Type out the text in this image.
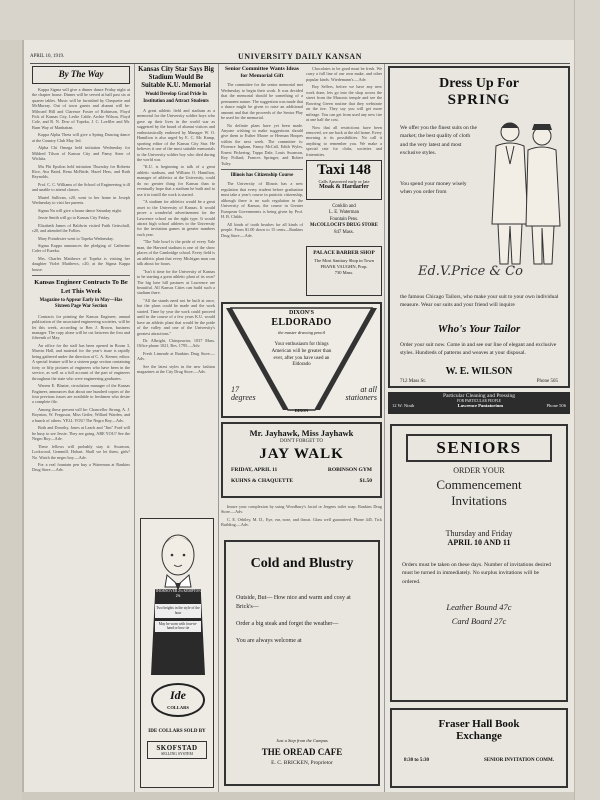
APRIL 10, 1919.	UNIVERSITY DAILY KANSAN
By The Way
Kappa Sigma will give a dinner dance Friday night at the chapter house. Dinner will be served at half past six at quarter tables. Music will be furnished by Chequette and McMurray. Out of town guests and alumni will be: Milward Hill and Clarence Foster of Robinson, Floyd Fick of Kansas City, Leslie Cable, Archie Wilson, Floyd Cole, and R. N. Dow of Topeka, J. C. Loeffler and Mr. Burn Way of Manhattan.
Kappa Alpha Theta will give a Spring Dancing dance at the Country Club May 3rd.
Alpha Chi Omega held initiation Wednesday for Mildred Tilson of Kansas City and Pansy Sizer of Wichita.
Mu Phi Epsilon held initiation Thursday for Roberta Rice, Ava Baird, Rena McBride, Hazel Hess, and Ruth Reynolds.
Prof. C. C. Williams of the School of Engineering is ill and unable to attend classes.
Muriel Sullivan, c20, went to her home in Joseph Wednesday to visit her parents.
Sigma Nu will give a house dance Saturday night.
Jessie Smith will go to Kansas City Friday.
Elizabeth James of Baldwin visited Faith Gettschall, c20, and attended the Follies.
Mary Poindexter went to Topeka Wednesday.
Sigma Kappa announces the pledging of Catherine Coler of Eureka.
Mrs. Charles Matthews of Topeka is visiting her daughter Violet Matthews, c20, at the Sigma Kappa house.
Kansas Engineer Contracts To Be Let This Week
Magazine to Appear Early in May—Has Sixteen Page War Section
Contracts for printing the Kansas Engineer, annual publication of the associated engineering societies, will be let this week, according to Ben J. Brown, business manager. The copy alone will be cut between the first and fifteenth of May.
An office for the staff has been opened in Room 3, Marvin Hall, and material for the year's issue is rapidly being gathered under the direction of C. A. Keener, editor. A special feature will be a sixteen page section containing forty or fifty pictures of engineers who have been in the service, as well as a full account of the part of engineers throughout the state who were engineering graduates.
Warren E. Blazier, circulation manager of the Kansas Engineer, announces that about one hundred copies of the four previous issues are available to freshmen who desire a complete file.
Among those present will be: Chancellor Strong, A. J. Boynton, W. Ferguson, Miss Geiler, Willard Warden, and a bunch of others. YELL YOU! The Negro Boy—Adv.
Both and Dorothy, Jones at Leach and "Jim" Ford will be busy to see Jessie. They are going. ARE YOU? See the Negro Boy—Adv.
These fellows will probably stay it: Swanson, Lockwood, Gemmill, Hobart. Shall we let them, girls? No. Watch the negro boy.—Adv.
For a real fountain pen buy a Waterman at Rankins Drug Store.—Adv.
Kansas City Star Says Big Stadium Would Be Suitable K.U. Memorial
Would Develop Grad Pride In Institution and Attract Students
A great athletic field and stadium as a memorial for the University soldier boys who gave up their lives in the world war as suggested by the board of alumni visitors and enthusiastically endorsed by Manager W. O. Hamilton is also urged by E. C. Mc Kamp, sporting editor of the Kansas City Star. He believes it one of the most suitable memorials to the University soldier boy who died during the world war.
"K.U. is beginning to talk of a great athletic stadium, and William O. Hamilton, manager of athletics at the University, could do no greater thing for Kansas than to eventually hope that a stadium be built and to use it to instill the work is started.
"A stadium for athletics would be a great asset to the University of Kansas. It would prove a wonderful advertisement for the Lawrence school on the right type. It would attract high school athletes to the University for the invitation games in greater numbers each year.
"The Yale bowl is the pride of every Yale man, the Harvard stadium is one of the show places of the Cambridge school. Every field is an athletic plant that every Michigan man can talk about for hours.
"Isn't it time for the University of Kansas to be starting a great athletic plant of its own? The big lone hill pastures at Lawrence are beautiful. All Kansas Cities can build such a stadium there.
"All the stands need not be built at once, but the plans could be made and the work started. Time by year the work could proceed until in the course of a few years K.U. would have an athletic plant that would be the pride of the valley and one of the University's greatest attractions."
Dr. Albright, Chiropractor, 1037 Mass. Office phone 1021, Res. 1795.—Adv.
Fresh Limeade at Rankins Drug Store.—Adv.
See the latest styles in the new fashion magazines at the City Drug Store.—Adv.
THORNOVER 2¼ KEMPTON 2⅜
Two heights in the style of the hour
May be worn with four-in-hand or bow tie
Ide
COLLARS
IDE COLLARS SOLD BY
SKOFSTAD
SELLING SYSTEM
Senior Committee Wants Ideas for Memorial Gift
The committee for the senior memorial met Wednesday to begin their work. It was decided that the memorial should be something of a permanent nature. The suggestion was made that a dance might be given to raise an additional amount and that the proceeds of the Senior Play be used for the memorial.
No definite plans have yet been made. Anyone wishing to make suggestions should give them to Esther Moore or Herman Hoopes within the next week. The committee is: Florence Ingham, Fanny McCall, Edith Wyles, Ernest Pickering, Tappa Dale, Louis Swanson, Roy Pollard, Frances Springer, and Robert Tuley.
Illinois has Citizenship Course
The University of Illinois has a new regulation that every student before graduation must take a year's course in patriotic citizenship, although there is no such regulation in the University of Kansas, the course in Greater European Governments is being given by Prof. H. B. Childs.
All kinds of tooth brushes for all kinds of people. From $1.00 down to 15 cents—Rankins Drug Store.—Adv.
Chocolates to be good must be fresh. We carry a full line of our own make, and other popular kinds. Wiedemann's.—Adv.
Boy Sellers, before we have any new work done, lets go into the shop across the street from the Masonic temple and see the Bowring Green routine that they webstrate on the tire. They say you will get more mileage. You can get from used any new tire at one half the cost.
Now that all restrictions have been removed, we are back at the old home. Every morning is its possibilities. No call it anything to remember you. We make a special rate for clubs, societies and fraternities.
Taxi 148
Calls Answered early or late
Moak & Hardarfer
Conklin and
L. E. Waterman
Fountain Pens.
McCOLLOCH'S DRUG STORE
847 Mass.
PALACE BARBER SHOP
The Most Sanitary Shop in Town
FRANK VAUGHN, Prop.
730 Mass.
DIXON'S
ELDORADO
the master drawing pencil
Your enthusiasm for things American will be greater than ever, after you have used an Eldorado
17 degrees
at all stationers
DIXON
Mr. Jayhawk, Miss Jayhawk
DON'T FORGET TO
JAY WALK
FRIDAY, APRIL 11	ROBINSON GYM
KUHNS & CHAQUETTE	$1.50
Insure your complexion by using Woodbury's facial or Jergens toilet soap. Rankins Drug Store.—Adv.
C. E. Orbiley, M. D., Eye, ear, nose, and throat. Glass well guaranteed. Phone 445. Tick Building.—Adv.
Cold and Blustry
Outside, But— How nice and warm and cosy at Brick's—
Order a big steak and forget the weather—
You are always welcome at
Just a Step from the Campus
THE OREAD CAFE
E. C. BRICKEN, Proprietor
Dress Up For
SPRING
We offer you the finest suits on the market; the best quality of cloth and the very latest and most exclusive styles.
You spend your money wisely when you order from
Ed.V.Price & Co
the famous Chicago Tailors, who make your suit to your own individual measure. Wear our suits and your friend will inquire
Who's Your Tailor
Order your suit now. Come in and see our line of elegant and exclusive styles. Hundreds of patterns and weaves at your disposal.
W. E. WILSON
712 Mass St.	Phone 505
Particular Cleaning and Pressing
FOR PARTICULAR PEOPLE
12 W. Ninth	Lawrence Pantatorium	Phone 506
SENIORS
ORDER YOUR
Commencement
Invitations
Thursday and Friday
APRIL 10 AND 11
Orders must be taken on these days. Number of invitations desired must be turned in immediately. No surplus invitations will be ordered.
Leather Bound 47c
Card Board 27c
Fraser Hall Book
Exchange
8:30 to 5:30	SENIOR INVITATION COMM.
